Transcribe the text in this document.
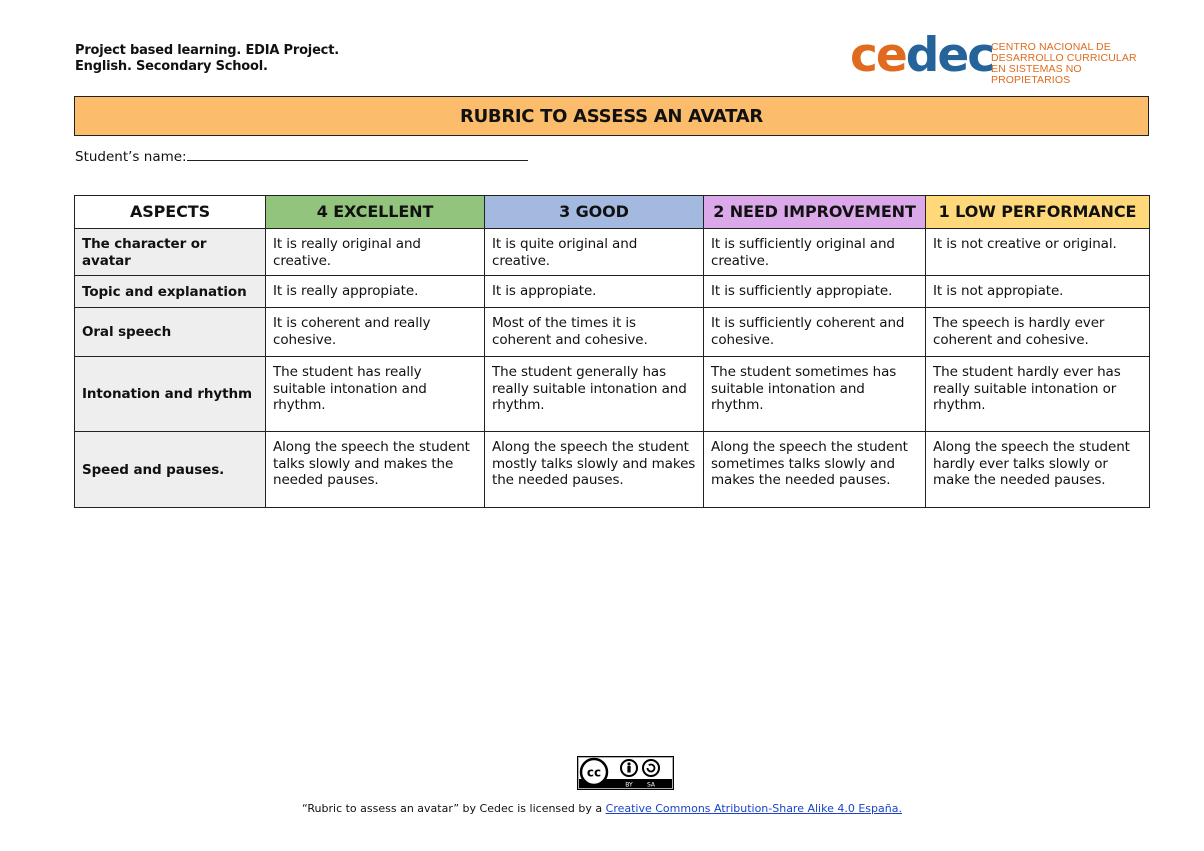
Project based learning. EDIA Project.
English. Secondary School.	cedec
CENTRO NACIONAL DE
DESARROLLO CURRICULAR
EN SISTEMAS NO PROPIETARIOS
RUBRIC TO ASSESS AN AVATAR
Student’s name:
ASPECTS	4 EXCELLENT	3 GOOD	2 NEED IMPROVEMENT	1 LOW PERFORMANCE
The character or avatar	It is really original and creative.	It is quite original and creative.	It is sufficiently original and creative.	It is not creative or original.
Topic and explanation	It is really appropiate.	It is appropiate.	It is sufficiently appropiate.	It is not appropiate.
Oral speech	It is coherent and really cohesive.	Most of the times it is coherent and cohesive.	It is sufficiently coherent and cohesive.	The speech is hardly ever coherent and cohesive.
Intonation and rhythm	The student has really suitable intonation and rhythm.	The student generally has really suitable intonation and rhythm.	The student sometimes has suitable intonation and rhythm.	The student hardly ever has really suitable intonation or rhythm.
Speed and pauses.	Along the speech the student talks slowly and makes the needed pauses.	Along the speech the student mostly talks slowly and makes the needed pauses.	Along the speech the student sometimes talks slowly and makes the needed pauses.	Along the speech the student hardly ever talks slowly or make the needed pauses.
cc
BY SA
“Rubric to assess an avatar” by Cedec is licensed by a Creative Commons Atribution-Share Alike 4.0 España.
